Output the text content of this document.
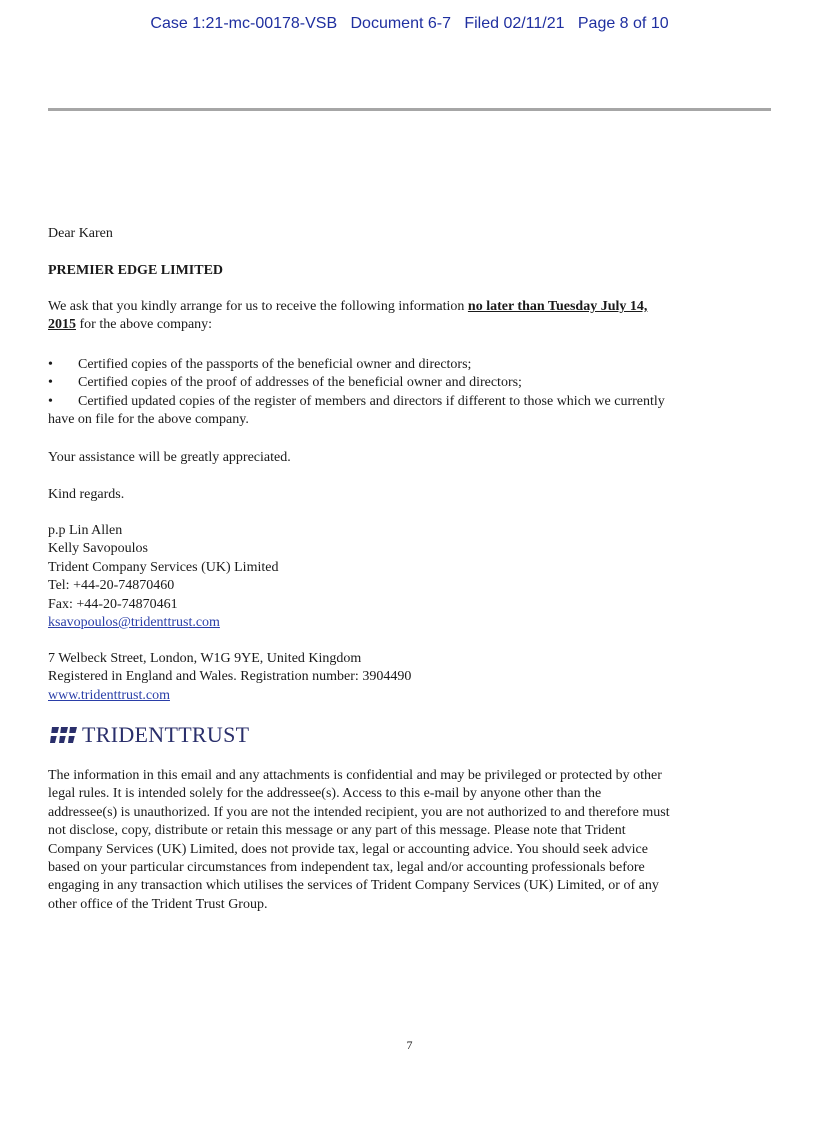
Case 1:21-mc-00178-VSB   Document 6-7   Filed 02/11/21   Page 8 of 10
Dear Karen
PREMIER EDGE LIMITED
We ask that you kindly arrange for us to receive the following information no later than Tuesday July 14,
2015 for the above company:
• Certified copies of the passports of the beneficial owner and directors;
• Certified copies of the proof of addresses of the beneficial owner and directors;
• Certified updated copies of the register of members and directors if different to those which we currently
have on file for the above company.
Your assistance will be greatly appreciated.
Kind regards.
p.p Lin Allen
Kelly Savopoulos
Trident Company Services (UK) Limited
Tel: +44-20-74870460
Fax: +44-20-74870461
ksavopoulos@tridenttrust.com
7 Welbeck Street, London, W1G 9YE, United Kingdom
Registered in England and Wales. Registration number: 3904490
www.tridenttrust.com
TRIDENTTRUST
The information in this email and any attachments is confidential and may be privileged or protected by other
legal rules. It is intended solely for the addressee(s). Access to this e-mail by anyone other than the
addressee(s) is unauthorized. If you are not the intended recipient, you are not authorized to and therefore must
not disclose, copy, distribute or retain this message or any part of this message. Please note that Trident
Company Services (UK) Limited, does not provide tax, legal or accounting advice. You should seek advice
based on your particular circumstances from independent tax, legal and/or accounting professionals before
engaging in any transaction which utilises the services of Trident Company Services (UK) Limited, or of any
other office of the Trident Trust Group.
7
